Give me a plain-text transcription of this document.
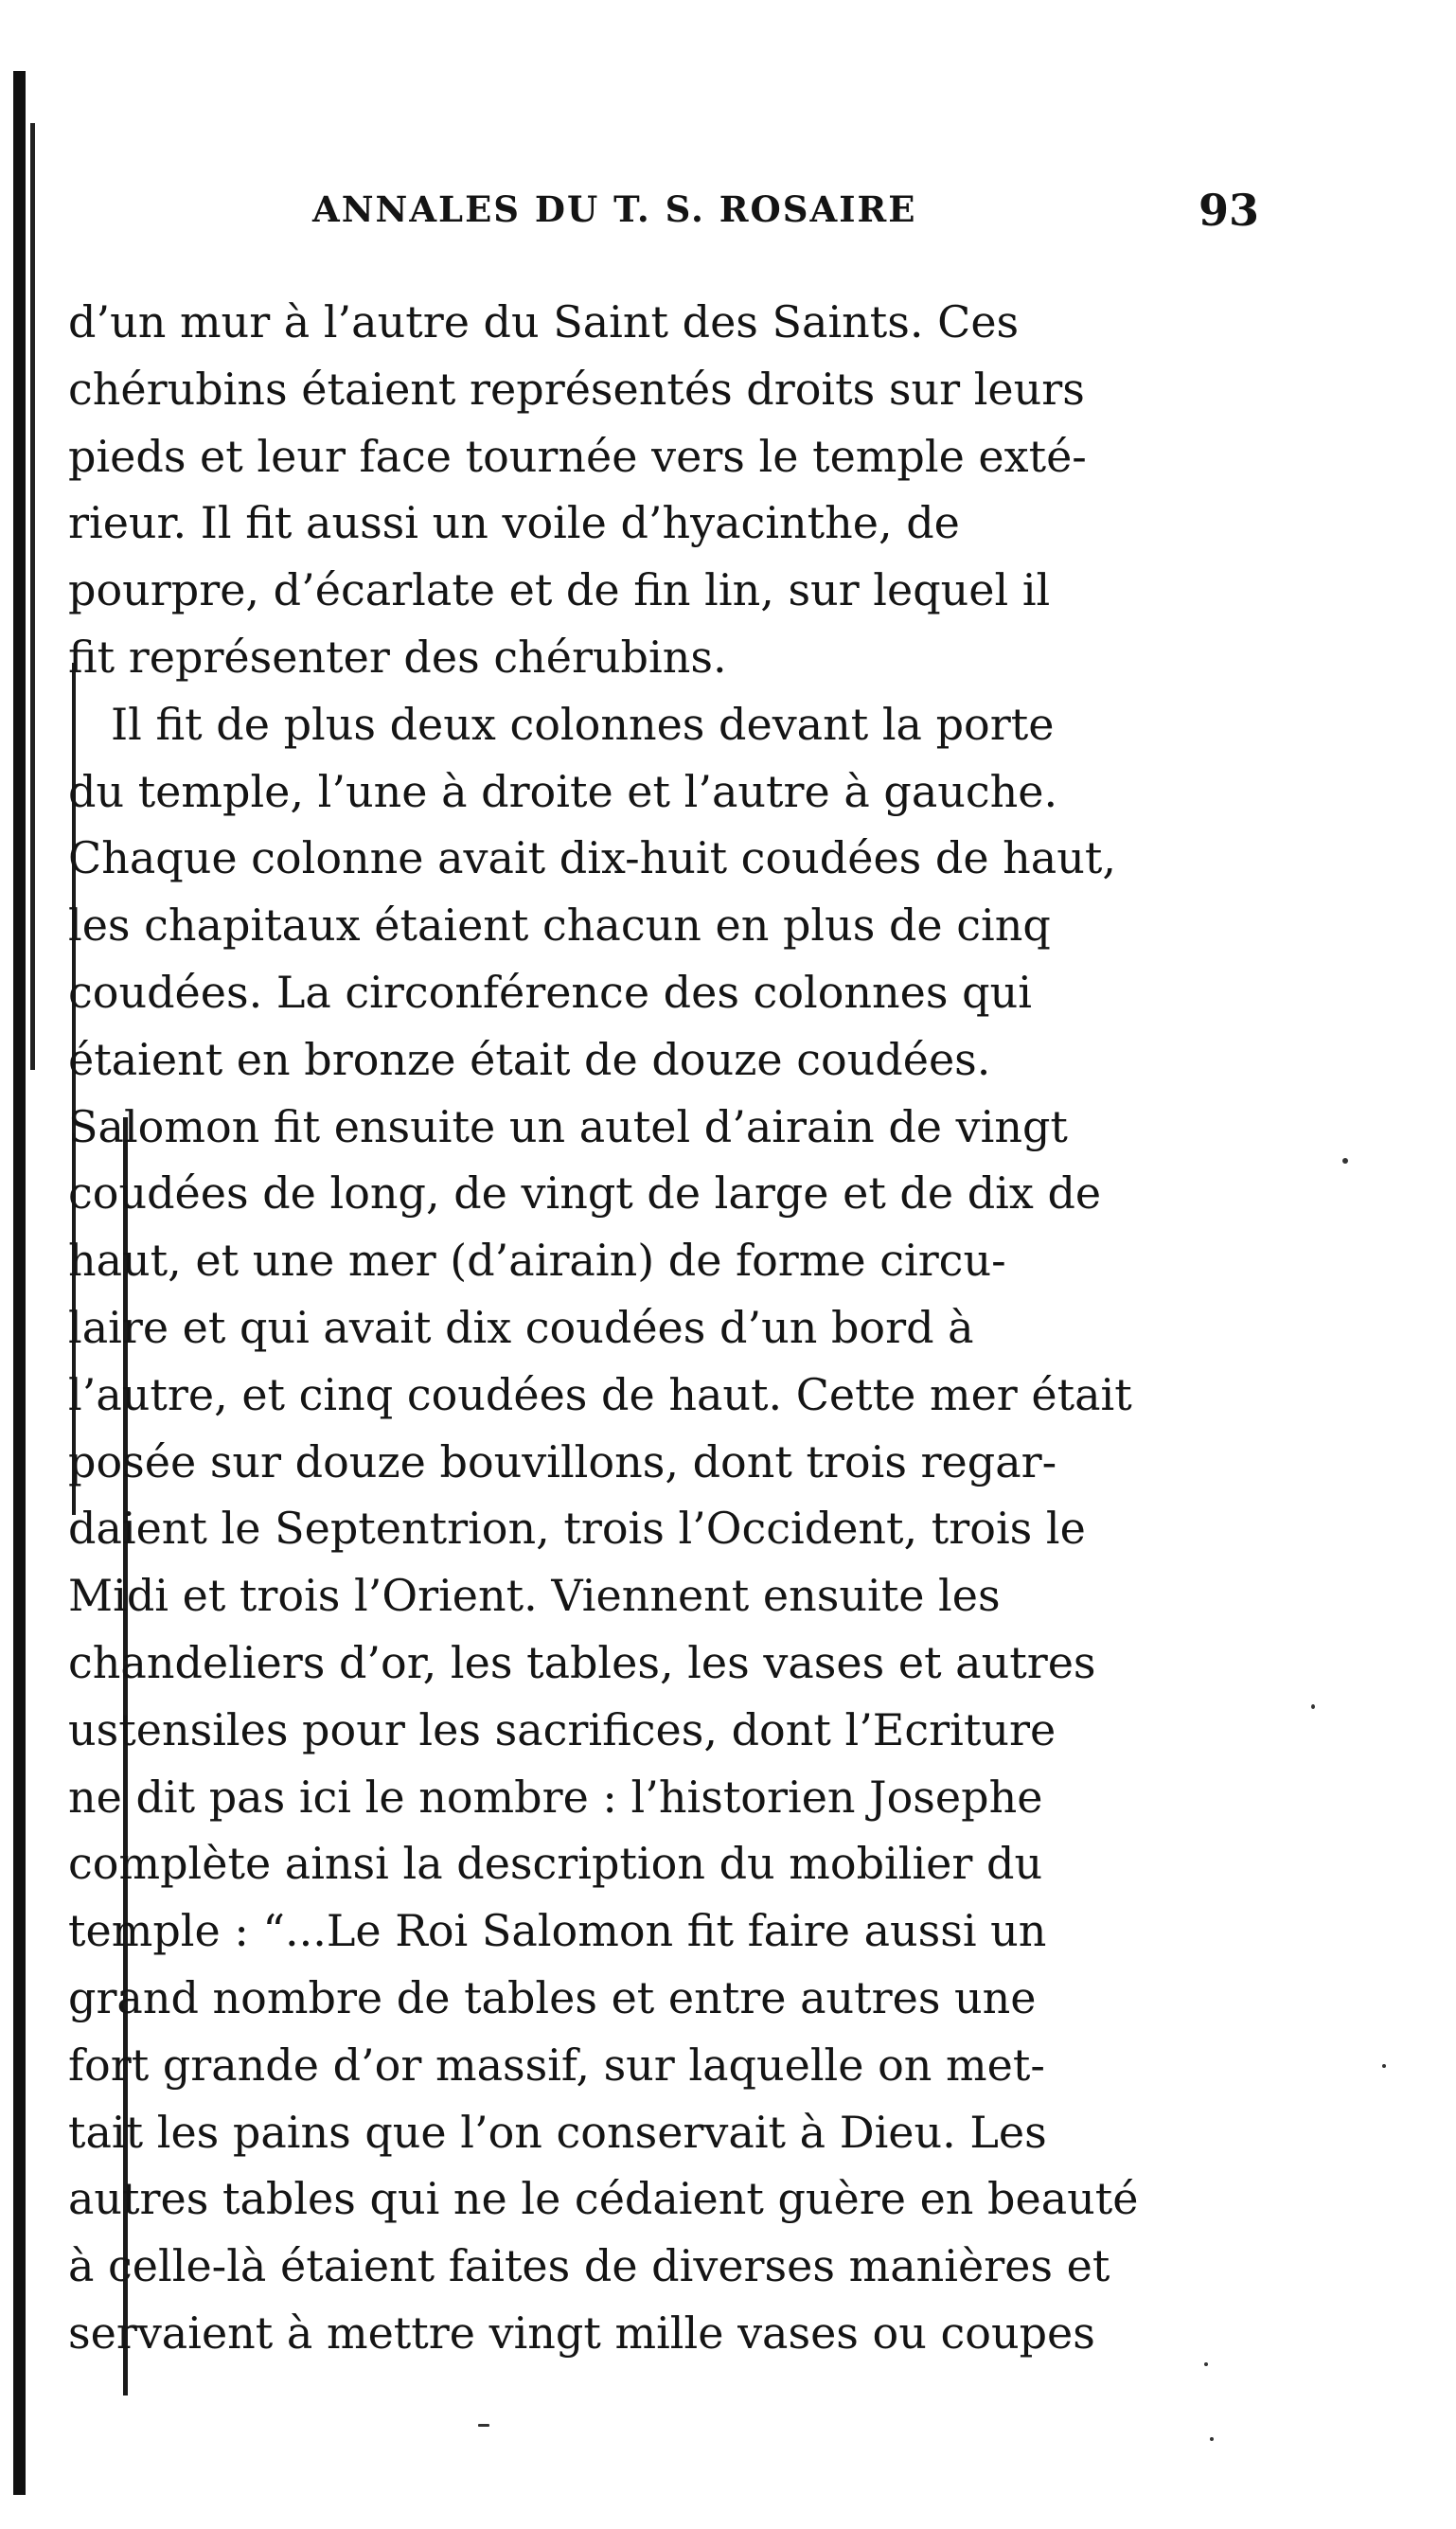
ANNALES DU T. S. ROSAIRE	93
d’un mur à l’autre du Saint des Saints. Ces
chérubins étaient représentés droits sur leurs
pieds et leur face tournée vers le temple exté-
rieur. Il fit aussi un voile d’hyacinthe, de
pourpre, d’écarlate et de fin lin, sur lequel il
fit représenter des chérubins.
Il fit de plus deux colonnes devant la porte
du temple, l’une à droite et l’autre à gauche.
Chaque colonne avait dix-huit coudées de haut,
les chapitaux étaient chacun en plus de cinq
coudées. La circonférence des colonnes qui
étaient en bronze était de douze coudées.
Salomon fit ensuite un autel d’airain de vingt
coudées de long, de vingt de large et de dix de
haut, et une mer (d’airain) de forme circu-
laire et qui avait dix coudées d’un bord à
l’autre, et cinq coudées de haut. Cette mer était
posée sur douze bouvillons, dont trois regar-
daient le Septentrion, trois l’Occident, trois le
Midi et trois l’Orient. Viennent ensuite les
chandeliers d’or, les tables, les vases et autres
ustensiles pour les sacrifices, dont l’Ecriture
ne dit pas ici le nombre : l’historien Josephe
complète ainsi la description du mobilier du
temple : “...Le Roi Salomon fit faire aussi un
grand nombre de tables et entre autres une
fort grande d’or massif, sur laquelle on met-
tait les pains que l’on conservait à Dieu. Les
autres tables qui ne le cédaient guère en beauté
à celle-là étaient faites de diverses manières et
servaient à mettre vingt mille vases ou coupes
